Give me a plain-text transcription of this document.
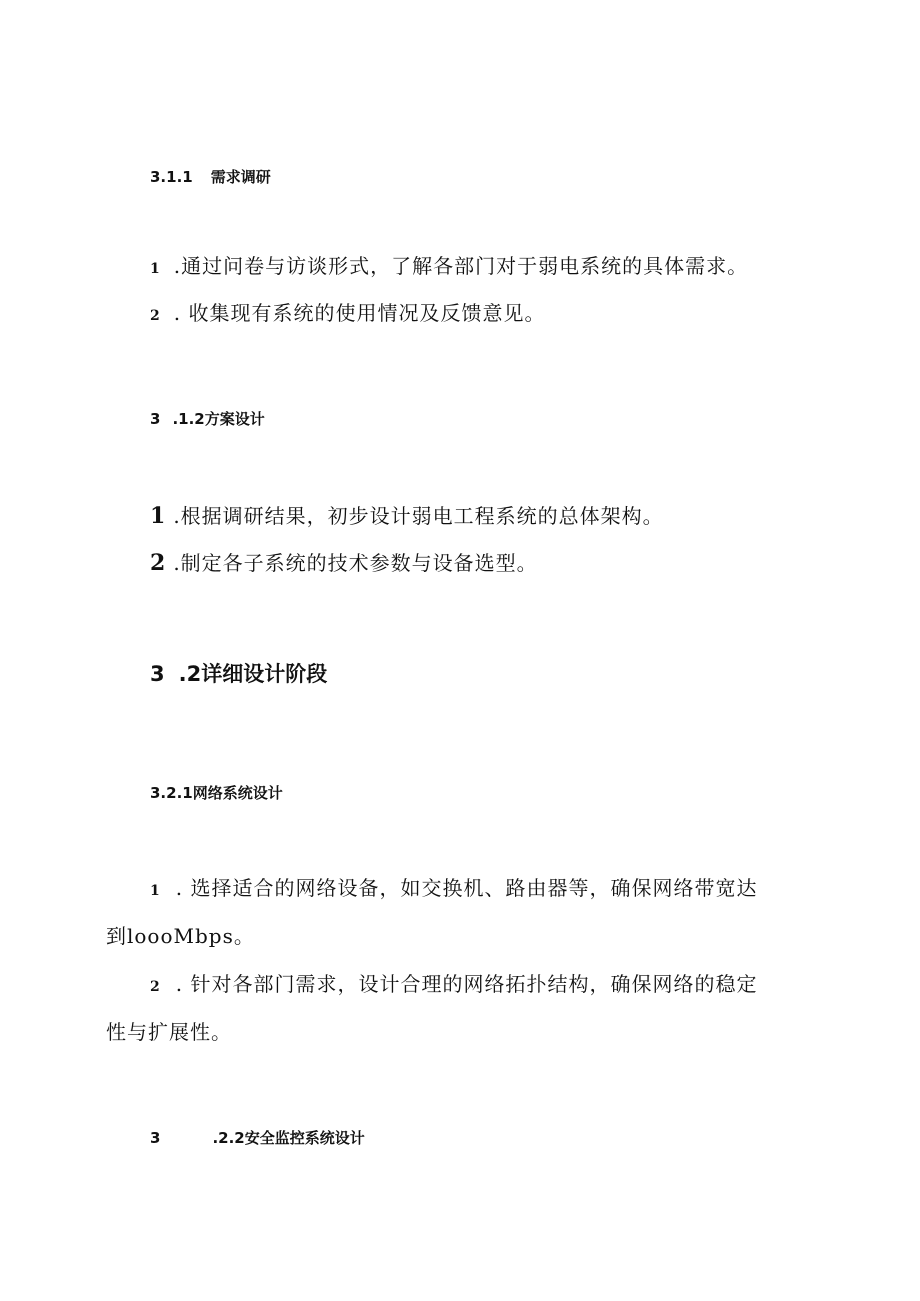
3.1.1 需求调研
1 .通过问卷与访谈形式，了解各部门对于弱电系统的具体需求。
2 . 收集现有系统的使用情况及反馈意见。
3 .1.2方案设计
1 .根据调研结果，初步设计弱电工程系统的总体架构。
2 .制定各子系统的技术参数与设备选型。
3 .2详细设计阶段
3.2.1网络系统设计
1 . 选择适合的网络设备，如交换机、路由器等，确保网络带宽达
到loooMbps。
2 . 针对各部门需求，设计合理的网络拓扑结构，确保网络的稳定
性与扩展性。
3	.2.2安全监控系统设计
